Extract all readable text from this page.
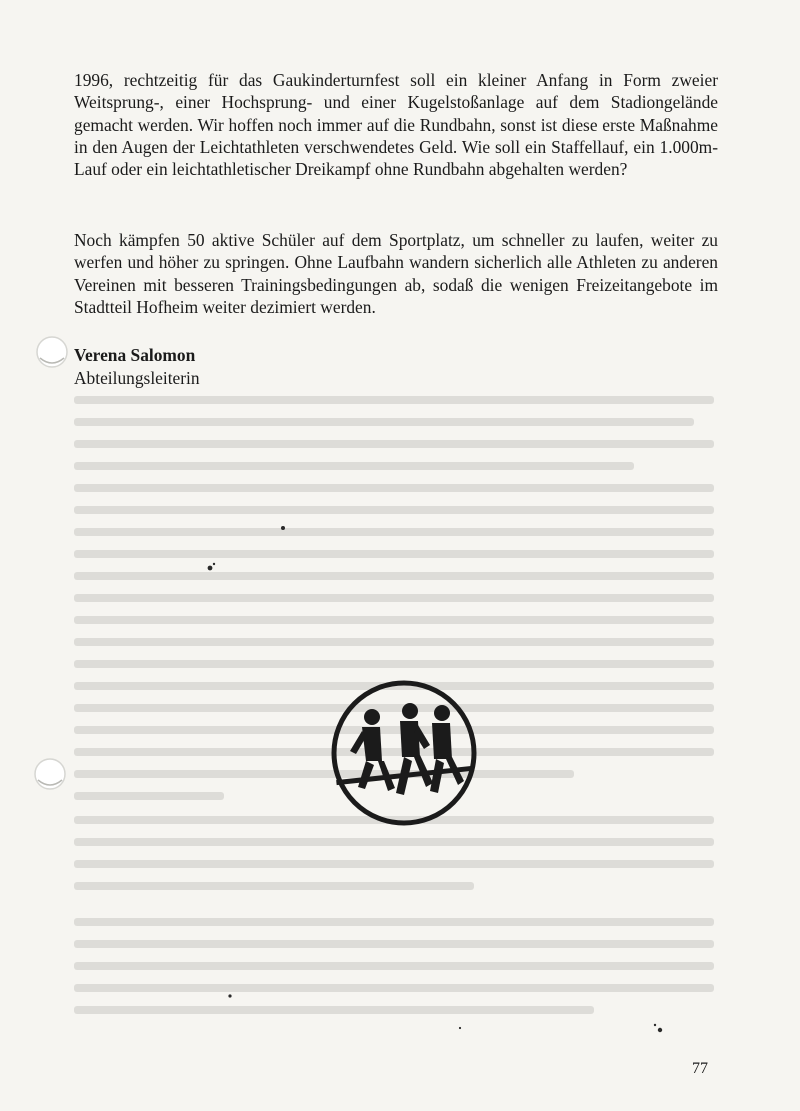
1996, rechtzeitig für das Gaukinderturnfest soll ein kleiner Anfang in Form zweier Weitsprung-, einer Hochsprung- und einer Kugelstoßanlage auf dem Stadiongelände gemacht werden. Wir hoffen noch immer auf die Rundbahn, sonst ist diese erste Maßnahme in den Augen der Leichtathleten verschwendetes Geld. Wie soll ein Staffellauf, ein 1.000m-Lauf oder ein leichtathletischer Dreikampf ohne Rundbahn abgehalten werden?

Noch kämpfen 50 aktive Schüler auf dem Sportplatz, um schneller zu laufen, weiter zu werfen und höher zu springen. Ohne Laufbahn wandern sicherlich alle Athleten zu anderen Vereinen mit besseren Trainingsbedingungen ab, sodaß die wenigen Freizeitangebote im Stadtteil Hofheim weiter dezimiert werden.

Verena Salomon
Abteilungsleiterin
77
